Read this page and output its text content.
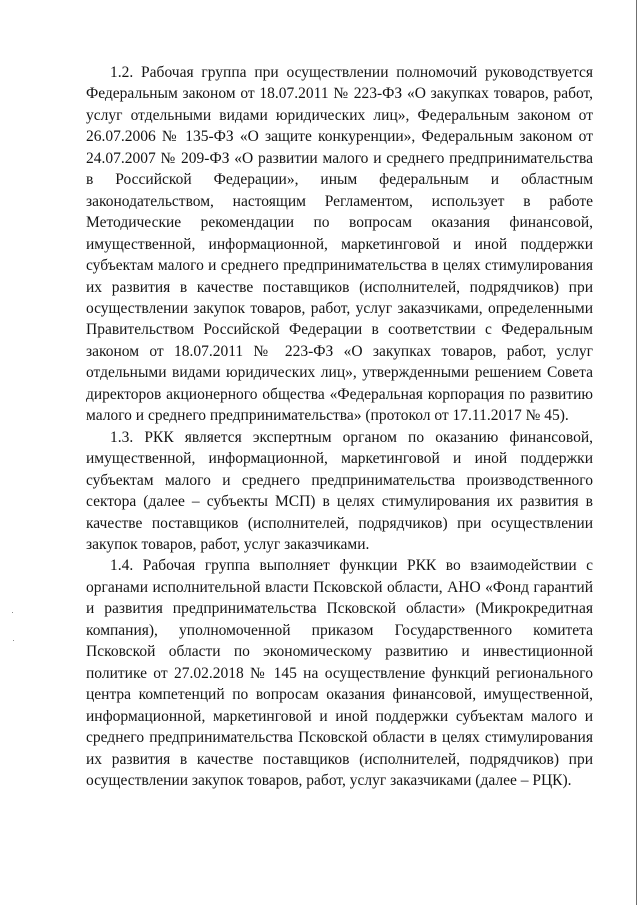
1.2. Рабочая группа при осуществлении полномочий руководствуется Федеральным законом от 18.07.2011 № 223-ФЗ «О закупках товаров, работ, услуг отдельными видами юридических лиц», Федеральным законом от 26.07.2006 № 135-ФЗ «О защите конкуренции», Федеральным законом от 24.07.2007 № 209-ФЗ «О развитии малого и среднего предпринимательства в Российской Федерации», иным федеральным и областным законодательством, настоящим Регламентом, использует в работе Методические рекомендации по вопросам оказания финансовой, имущественной, информационной, маркетинговой и иной поддержки субъектам малого и среднего предпринимательства в целях стимулирования их развития в качестве поставщиков (исполнителей, подрядчиков) при осуществлении закупок товаров, работ, услуг заказчиками, определенными Правительством Российской Федерации в соответствии с Федеральным законом от 18.07.2011 № 223-ФЗ «О закупках товаров, работ, услуг отдельными видами юридических лиц», утвержденными решением Совета директоров акционерного общества «Федеральная корпорация по развитию малого и среднего предпринимательства» (протокол от 17.11.2017 № 45).

1.3. РКК является экспертным органом по оказанию финансовой, имущественной, информационной, маркетинговой и иной поддержки субъектам малого и среднего предпринимательства производственного сектора (далее – субъекты МСП) в целях стимулирования их развития в качестве поставщиков (исполнителей, подрядчиков) при осуществлении закупок товаров, работ, услуг заказчиками.

1.4. Рабочая группа выполняет функции РКК во взаимодействии с органами исполнительной власти Псковской области, АНО «Фонд гарантий и развития предпринимательства Псковской области» (Микрокредитная компания), уполномоченной приказом Государственного комитета Псковской области по экономическому развитию и инвестиционной политике от 27.02.2018 № 145 на осуществление функций регионального центра компетенций по вопросам оказания финансовой, имущественной, информационной, маркетинговой и иной поддержки субъектам малого и среднего предпринимательства Псковской области в целях стимулирования их развития в качестве поставщиков (исполнителей, подрядчиков) при осуществлении закупок товаров, работ, услуг заказчиками (далее – РЦК).
